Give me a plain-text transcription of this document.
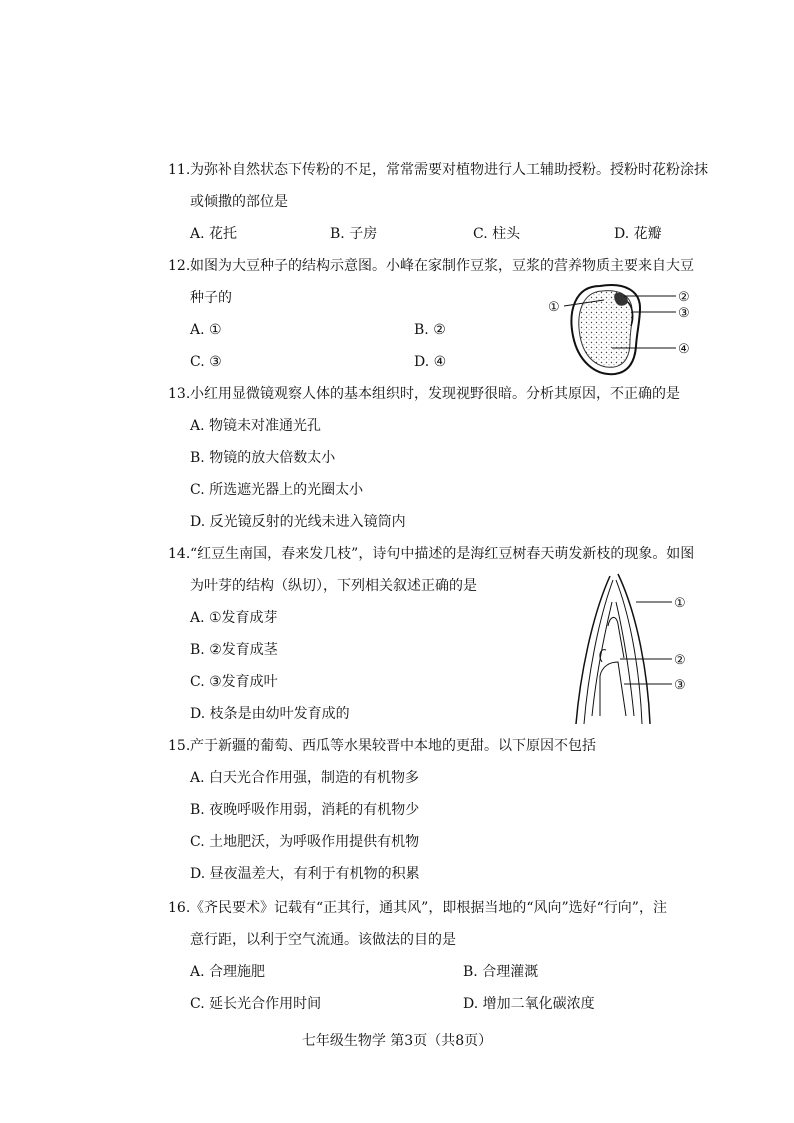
11. 为弥补自然状态下传粉的不足，常常需要对植物进行人工辅助授粉。授粉时花粉涂抹
或倾撒的部位是
A. 花托	B. 子房	C. 柱头	D. 花瓣
12. 如图为大豆种子的结构示意图。小峰在家制作豆浆，豆浆的营养物质主要来自大豆
种子的
A. ①	B. ②
C. ③	D. ④
①
②
③
④
13. 小红用显微镜观察人体的基本组织时，发现视野很暗。分析其原因，不正确的是
A. 物镜未对准通光孔
B. 物镜的放大倍数太小
C. 所选遮光器上的光圈太小
D. 反光镜反射的光线未进入镜筒内
14. “红豆生南国，春来发几枝”，诗句中描述的是海红豆树春天萌发新枝的现象。如图
为叶芽的结构（纵切），下列相关叙述正确的是
A. ①发育成芽
B. ②发育成茎
C. ③发育成叶
D. 枝条是由幼叶发育成的
①
②
③
15. 产于新疆的葡萄、西瓜等水果较晋中本地的更甜。以下原因不包括
A. 白天光合作用强，制造的有机物多
B. 夜晚呼吸作用弱，消耗的有机物少
C. 土地肥沃，为呼吸作用提供有机物
D. 昼夜温差大，有利于有机物的积累
16. 《齐民要术》记载有“正其行，通其风”，即根据当地的“风向”选好“行向”，注
意行距，以利于空气流通。该做法的目的是
A. 合理施肥	B. 合理灌溉
C. 延长光合作用时间	D. 增加二氧化碳浓度
七年级生物学 第3页（共8页）
